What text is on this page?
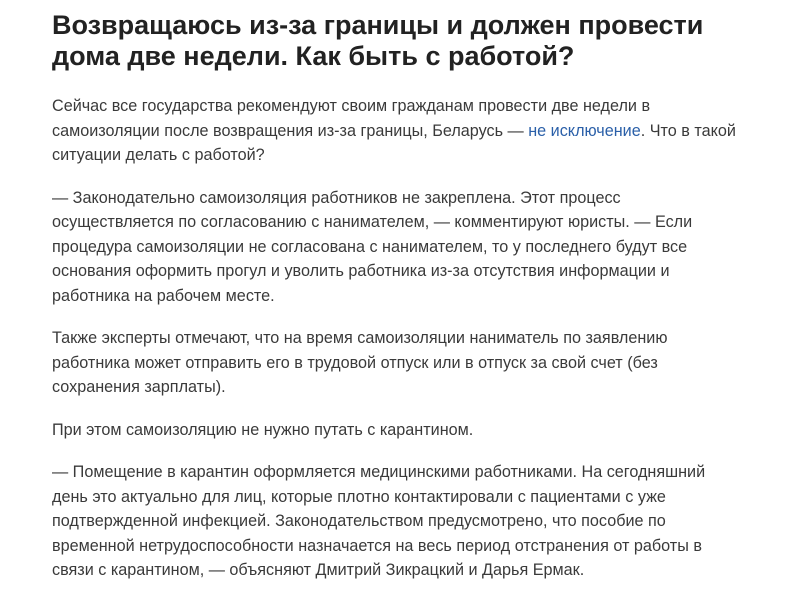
Возвращаюсь из-за границы и должен провести дома две недели. Как быть с работой?

Сейчас все государства рекомендуют своим гражданам провести две недели в самоизоляции после возвращения из-за границы, Беларусь — не исключение. Что в такой ситуации делать с работой?

— Законодательно самоизоляция работников не закреплена. Этот процесс осуществляется по согласованию с нанимателем, — комментируют юристы. — Если процедура самоизоляции не согласована с нанимателем, то у последнего будут все основания оформить прогул и уволить работника из-за отсутствия информации и работника на рабочем месте.

Также эксперты отмечают, что на время самоизоляции наниматель по заявлению работника может отправить его в трудовой отпуск или в отпуск за свой счет (без сохранения зарплаты).

При этом самоизоляцию не нужно путать с карантином.

— Помещение в карантин оформляется медицинскими работниками. На сегодняшний день это актуально для лиц, которые плотно контактировали с пациентами с уже подтвержденной инфекцией. Законодательством предусмотрено, что пособие по временной нетрудоспособности назначается на весь период отстранения от работы в связи с карантином, — объясняют Дмитрий Зикрацкий и Дарья Ермак.
